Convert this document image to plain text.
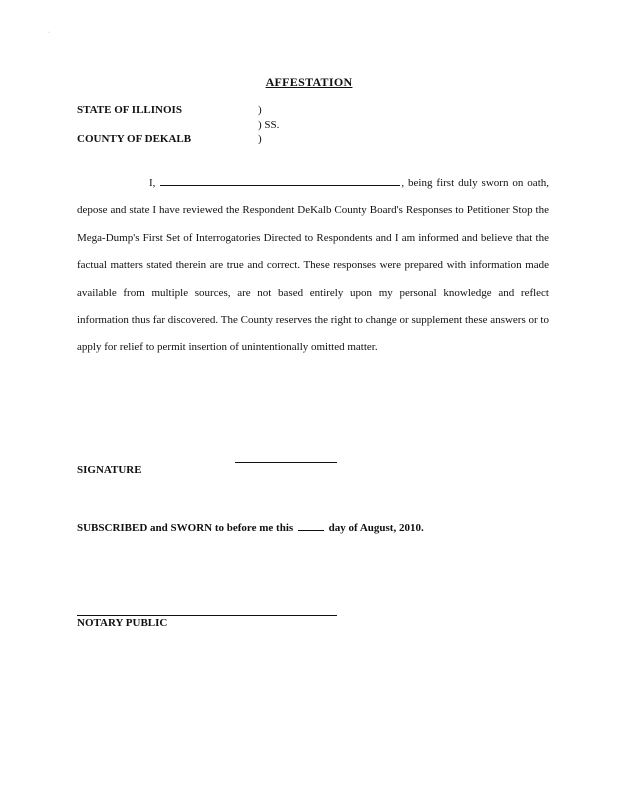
·
AFFESTATION
STATE OF ILLINOIS	)
) SS.
COUNTY OF DEKALB	)
I,	, being first duly sworn on oath, depose and state I have reviewed the Respondent DeKalb County Board's Responses to Petitioner Stop the Mega-Dump's First Set of Interrogatories Directed to Respondents and I am informed and believe that the factual matters stated therein are true and correct. These responses were prepared with information made available from multiple sources, are not based entirely upon my personal knowledge and reflect information thus far discovered. The County reserves the right to change or supplement these answers or to apply for relief to permit insertion of unintentionally omitted matter.
SIGNATURE
SUBSCRIBED and SWORN to before me this	day of August, 2010.
NOTARY PUBLIC
